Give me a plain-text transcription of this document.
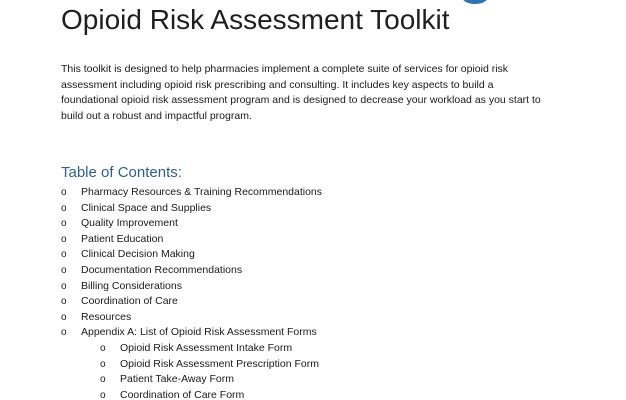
Opioid Risk Assessment Toolkit

This toolkit is designed to help pharmacies implement a complete suite of services for opioid risk
assessment including opioid risk prescribing and consulting. It includes key aspects to build a
foundational opioid risk assessment program and is designed to decrease your workload as you start to
build out a robust and impactful program.

Table of Contents:
o Pharmacy Resources & Training Recommendations
o Clinical Space and Supplies
o Quality Improvement
o Patient Education
o Clinical Decision Making
o Documentation Recommendations
o Billing Considerations
o Coordination of Care
o Resources
o Appendix A: List of Opioid Risk Assessment Forms
o Opioid Risk Assessment Intake Form
o Opioid Risk Assessment Prescription Form
o Patient Take-Away Form
o Coordination of Care Form
